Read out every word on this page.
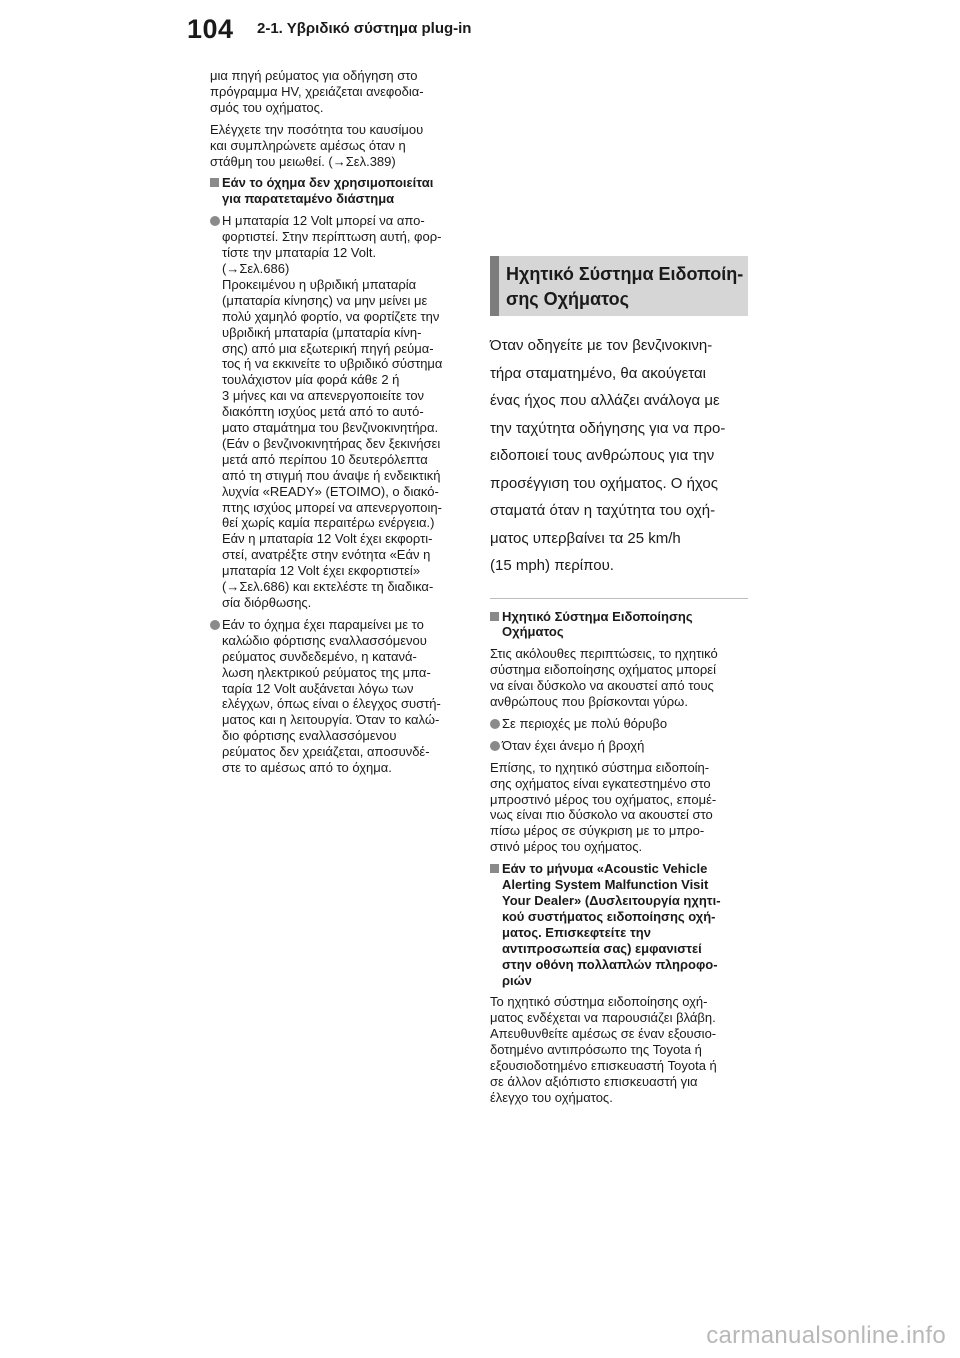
104 2-1. Υβριδικό σύστημα plug-in
μια πηγή ρεύματος για οδήγηση στο
πρόγραμμα HV, χρειάζεται ανεφοδια-
σμός του οχήματος.
Ελέγχετε την ποσότητα του καυσίμου
και συμπληρώνετε αμέσως όταν η
στάθμη του μειωθεί. (→Σελ.389)
Εάν το όχημα δεν χρησιμοποιείται
για παρατεταμένο διάστημα
Η μπαταρία 12 Volt μπορεί να απο-
φορτιστεί. Στην περίπτωση αυτή, φορ-
τίστε την μπαταρία 12 Volt.
(→Σελ.686)
Προκειμένου η υβριδική μπαταρία
(μπαταρία κίνησης) να μην μείνει με
πολύ χαμηλό φορτίο, να φορτίζετε την
υβριδική μπαταρία (μπαταρία κίνη-
σης) από μια εξωτερική πηγή ρεύμα-
τος ή να εκκινείτε το υβριδικό σύστημα
τουλάχιστον μία φορά κάθε 2 ή
3 μήνες και να απενεργοποιείτε τον
διακόπτη ισχύος μετά από το αυτό-
ματο σταμάτημα του βενζινοκινητήρα.
(Εάν ο βενζινοκινητήρας δεν ξεκινήσει
μετά από περίπου 10 δευτερόλεπτα
από τη στιγμή που άναψε ή ενδεικτική
λυχνία «READY» (ΕΤΟΙΜΟ), ο διακό-
πτης ισχύος μπορεί να απενεργοποιη-
θεί χωρίς καμία περαιτέρω ενέργεια.)
Εάν η μπαταρία 12 Volt έχει εκφορτι-
στεί, ανατρέξτε στην ενότητα «Εάν η
μπαταρία 12 Volt έχει εκφορτιστεί»
(→Σελ.686) και εκτελέστε τη διαδικα-
σία διόρθωσης.
Εάν το όχημα έχει παραμείνει με το
καλώδιο φόρτισης εναλλασσόμενου
ρεύματος συνδεδεμένο, η κατανά-
λωση ηλεκτρικού ρεύματος της μπα-
ταρία 12 Volt αυξάνεται λόγω των
ελέγχων, όπως είναι ο έλεγχος συστή-
ματος και η λειτουργία. Όταν το καλώ-
διο φόρτισης εναλλασσόμενου
ρεύματος δεν χρειάζεται, αποσυνδέ-
στε το αμέσως από το όχημα.
Ηχητικό Σύστημα Ειδοποίη-
σης Οχήματος
Όταν οδηγείτε με τον βενζινοκινη-
τήρα σταματημένο, θα ακούγεται
ένας ήχος που αλλάζει ανάλογα με
την ταχύτητα οδήγησης για να προ-
ειδοποιεί τους ανθρώπους για την
προσέγγιση του οχήματος. Ο ήχος
σταματά όταν η ταχύτητα του οχή-
ματος υπερβαίνει τα 25 km/h
(15 mph) περίπου.
Ηχητικό Σύστημα Ειδοποίησης
Οχήματος
Στις ακόλουθες περιπτώσεις, το ηχητικό
σύστημα ειδοποίησης οχήματος μπορεί
να είναι δύσκολο να ακουστεί από τους
ανθρώπους που βρίσκονται γύρω.
Σε περιοχές με πολύ θόρυβο
Όταν έχει άνεμο ή βροχή
Επίσης, το ηχητικό σύστημα ειδοποίη-
σης οχήματος είναι εγκατεστημένο στο
μπροστινό μέρος του οχήματος, επομέ-
νως είναι πιο δύσκολο να ακουστεί στο
πίσω μέρος σε σύγκριση με το μπρο-
στινό μέρος του οχήματος.
Εάν το μήνυμα «Acoustic Vehicle
Alerting System Malfunction Visit
Your Dealer» (Δυσλειτουργία ηχητι-
κού συστήματος ειδοποίησης οχή-
ματος. Επισκεφτείτε την
αντιπροσωπεία σας) εμφανιστεί
στην οθόνη πολλαπλών πληροφο-
ριών
Το ηχητικό σύστημα ειδοποίησης οχή-
ματος ενδέχεται να παρουσιάζει βλάβη.
Απευθυνθείτε αμέσως σε έναν εξουσιο-
δοτημένο αντιπρόσωπο της Toyota ή
εξουσιοδοτημένο επισκευαστή Toyota ή
σε άλλον αξιόπιστο επισκευαστή για
έλεγχο του οχήματος.
carmanualsonline.info
